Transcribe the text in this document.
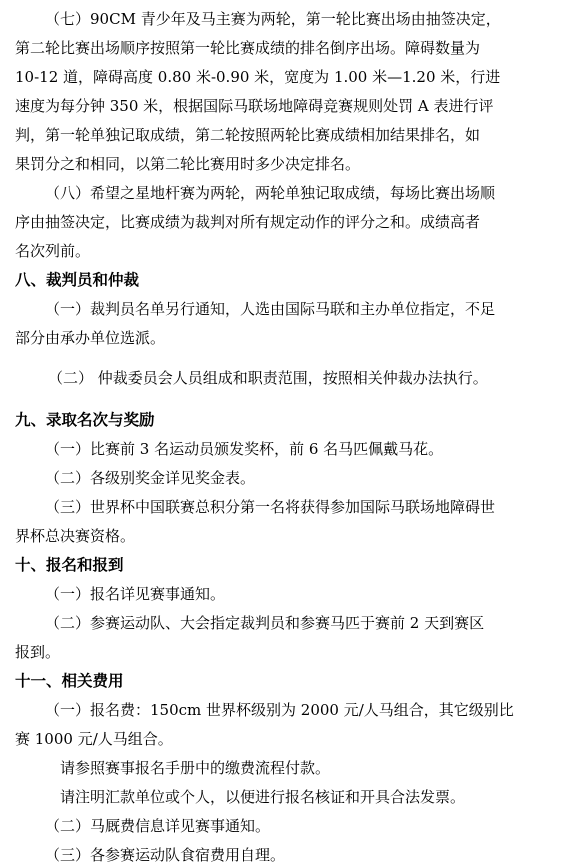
（七）90CM 青少年及马主赛为两轮，第一轮比赛出场由抽签决定，
第二轮比赛出场顺序按照第一轮比赛成绩的排名倒序出场。障碍数量为
10-12 道，障碍高度 0.80 米-0.90 米，宽度为 1.00 米—1.20 米，行进
速度为每分钟 350 米，根据国际马联场地障碍竞赛规则处罚 A 表进行评
判，第一轮单独记取成绩，第二轮按照两轮比赛成绩相加结果排名，如
果罚分之和相同，以第二轮比赛用时多少决定排名。
（八）希望之星地杆赛为两轮，两轮单独记取成绩，每场比赛出场顺
序由抽签决定，比赛成绩为裁判对所有规定动作的评分之和。成绩高者
名次列前。
八、裁判员和仲裁
（一）裁判员名单另行通知，人选由国际马联和主办单位指定，不足
部分由承办单位选派。
（二） 仲裁委员会人员组成和职责范围，按照相关仲裁办法执行。
九、录取名次与奖励
（一）比赛前 3 名运动员颁发奖杯，前 6 名马匹佩戴马花。
（二）各级别奖金详见奖金表。
（三）世界杯中国联赛总积分第一名将获得参加国际马联场地障碍世
界杯总决赛资格。
十、报名和报到
（一）报名详见赛事通知。
（二）参赛运动队、大会指定裁判员和参赛马匹于赛前 2 天到赛区
报到。
十一、相关费用
（一）报名费：150cm 世界杯级别为 2000 元/人马组合，其它级别比
赛 1000 元/人马组合。
请参照赛事报名手册中的缴费流程付款。
请注明汇款单位或个人，以便进行报名核证和开具合法发票。
（二）马厩费信息详见赛事通知。
（三）各参赛运动队食宿费用自理。
